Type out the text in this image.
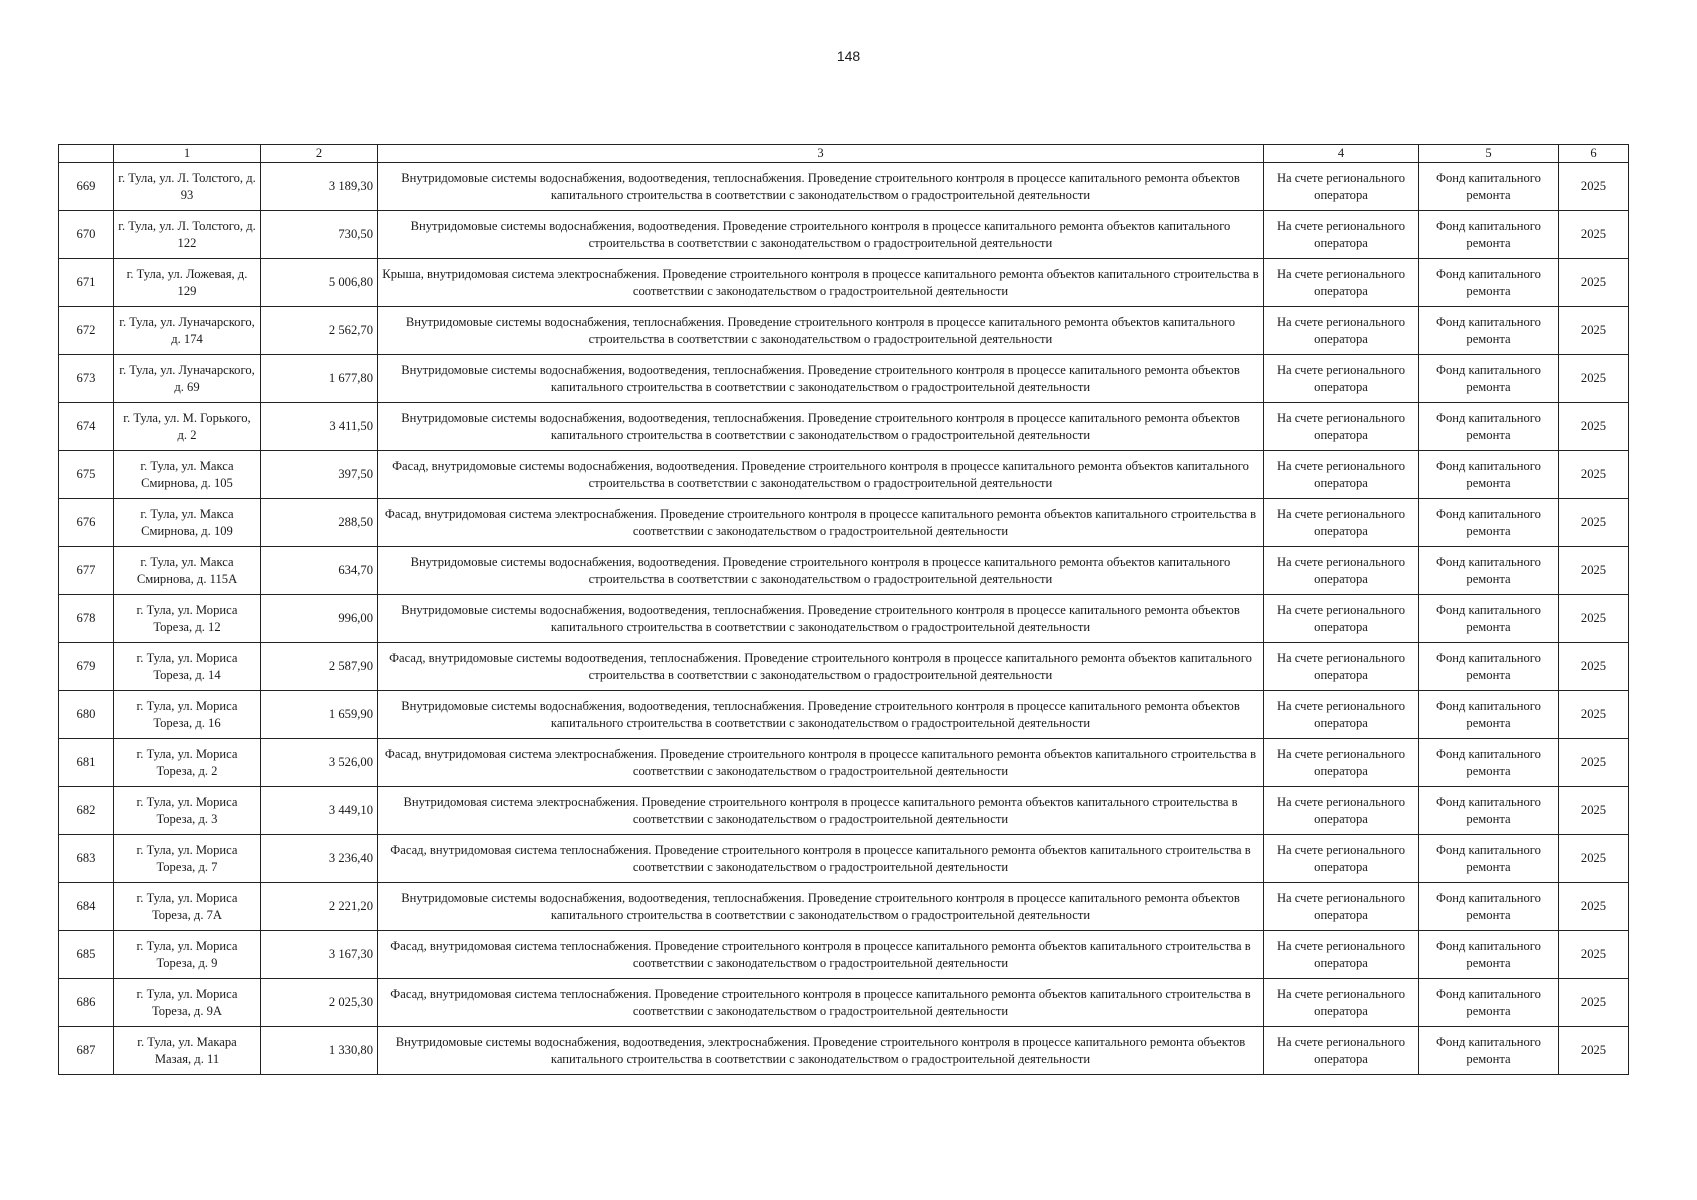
148
	1	2	3	4	5	6
669	г. Тула, ул. Л. Толстого, д. 93	3 189,30	Внутридомовые системы водоснабжения, водоотведения, теплоснабжения. Проведение строительного контроля в процессе капитального ремонта объектов капитального строительства в соответствии с законодательством о градостроительной деятельности	На счете регионального оператора	Фонд капитального ремонта	2025
670	г. Тула, ул. Л. Толстого, д. 122	730,50	Внутридомовые системы водоснабжения, водоотведения. Проведение строительного контроля в процессе капитального ремонта объектов капитального строительства в соответствии с законодательством о градостроительной деятельности	На счете регионального оператора	Фонд капитального ремонта	2025
671	г. Тула, ул. Ложевая, д. 129	5 006,80	Крыша, внутридомовая система электроснабжения. Проведение строительного контроля в процессе капитального ремонта объектов капитального строительства в соответствии с законодательством о градостроительной деятельности	На счете регионального оператора	Фонд капитального ремонта	2025
672	г. Тула, ул. Луначарского, д. 174	2 562,70	Внутридомовые системы водоснабжения, теплоснабжения. Проведение строительного контроля в процессе капитального ремонта объектов капитального строительства в соответствии с законодательством о градостроительной деятельности	На счете регионального оператора	Фонд капитального ремонта	2025
673	г. Тула, ул. Луначарского, д. 69	1 677,80	Внутридомовые системы водоснабжения, водоотведения, теплоснабжения. Проведение строительного контроля в процессе капитального ремонта объектов капитального строительства в соответствии с законодательством о градостроительной деятельности	На счете регионального оператора	Фонд капитального ремонта	2025
674	г. Тула, ул. М. Горького, д. 2	3 411,50	Внутридомовые системы водоснабжения, водоотведения, теплоснабжения. Проведение строительного контроля в процессе капитального ремонта объектов капитального строительства в соответствии с законодательством о градостроительной деятельности	На счете регионального оператора	Фонд капитального ремонта	2025
675	г. Тула, ул. Макса Смирнова, д. 105	397,50	Фасад, внутридомовые системы водоснабжения, водоотведения. Проведение строительного контроля в процессе капитального ремонта объектов капитального строительства в соответствии с законодательством о градостроительной деятельности	На счете регионального оператора	Фонд капитального ремонта	2025
676	г. Тула, ул. Макса Смирнова, д. 109	288,50	Фасад, внутридомовая система электроснабжения. Проведение строительного контроля в процессе капитального ремонта объектов капитального строительства в соответствии с законодательством о градостроительной деятельности	На счете регионального оператора	Фонд капитального ремонта	2025
677	г. Тула, ул. Макса Смирнова, д. 115А	634,70	Внутридомовые системы водоснабжения, водоотведения. Проведение строительного контроля в процессе капитального ремонта объектов капитального строительства в соответствии с законодательством о градостроительной деятельности	На счете регионального оператора	Фонд капитального ремонта	2025
678	г. Тула, ул. Мориса Тореза, д. 12	996,00	Внутридомовые системы водоснабжения, водоотведения, теплоснабжения. Проведение строительного контроля в процессе капитального ремонта объектов капитального строительства в соответствии с законодательством о градостроительной деятельности	На счете регионального оператора	Фонд капитального ремонта	2025
679	г. Тула, ул. Мориса Тореза, д. 14	2 587,90	Фасад, внутридомовые системы водоотведения, теплоснабжения. Проведение строительного контроля в процессе капитального ремонта объектов капитального строительства в соответствии с законодательством о градостроительной деятельности	На счете регионального оператора	Фонд капитального ремонта	2025
680	г. Тула, ул. Мориса Тореза, д. 16	1 659,90	Внутридомовые системы водоснабжения, водоотведения, теплоснабжения. Проведение строительного контроля в процессе капитального ремонта объектов капитального строительства в соответствии с законодательством о градостроительной деятельности	На счете регионального оператора	Фонд капитального ремонта	2025
681	г. Тула, ул. Мориса Тореза, д. 2	3 526,00	Фасад, внутридомовая система электроснабжения. Проведение строительного контроля в процессе капитального ремонта объектов капитального строительства в соответствии с законодательством о градостроительной деятельности	На счете регионального оператора	Фонд капитального ремонта	2025
682	г. Тула, ул. Мориса Тореза, д. 3	3 449,10	Внутридомовая система электроснабжения. Проведение строительного контроля в процессе капитального ремонта объектов капитального строительства в соответствии с законодательством о градостроительной деятельности	На счете регионального оператора	Фонд капитального ремонта	2025
683	г. Тула, ул. Мориса Тореза, д. 7	3 236,40	Фасад, внутридомовая система теплоснабжения. Проведение строительного контроля в процессе капитального ремонта объектов капитального строительства в соответствии с законодательством о градостроительной деятельности	На счете регионального оператора	Фонд капитального ремонта	2025
684	г. Тула, ул. Мориса Тореза, д. 7А	2 221,20	Внутридомовые системы водоснабжения, водоотведения, теплоснабжения. Проведение строительного контроля в процессе капитального ремонта объектов капитального строительства в соответствии с законодательством о градостроительной деятельности	На счете регионального оператора	Фонд капитального ремонта	2025
685	г. Тула, ул. Мориса Тореза, д. 9	3 167,30	Фасад, внутридомовая система теплоснабжения. Проведение строительного контроля в процессе капитального ремонта объектов капитального строительства в соответствии с законодательством о градостроительной деятельности	На счете регионального оператора	Фонд капитального ремонта	2025
686	г. Тула, ул. Мориса Тореза, д. 9А	2 025,30	Фасад, внутридомовая система теплоснабжения. Проведение строительного контроля в процессе капитального ремонта объектов капитального строительства в соответствии с законодательством о градостроительной деятельности	На счете регионального оператора	Фонд капитального ремонта	2025
687	г. Тула, ул. Макара Мазая, д. 11	1 330,80	Внутридомовые системы водоснабжения, водоотведения, электроснабжения. Проведение строительного контроля в процессе капитального ремонта объектов капитального строительства в соответствии с законодательством о градостроительной деятельности	На счете регионального оператора	Фонд капитального ремонта	2025
